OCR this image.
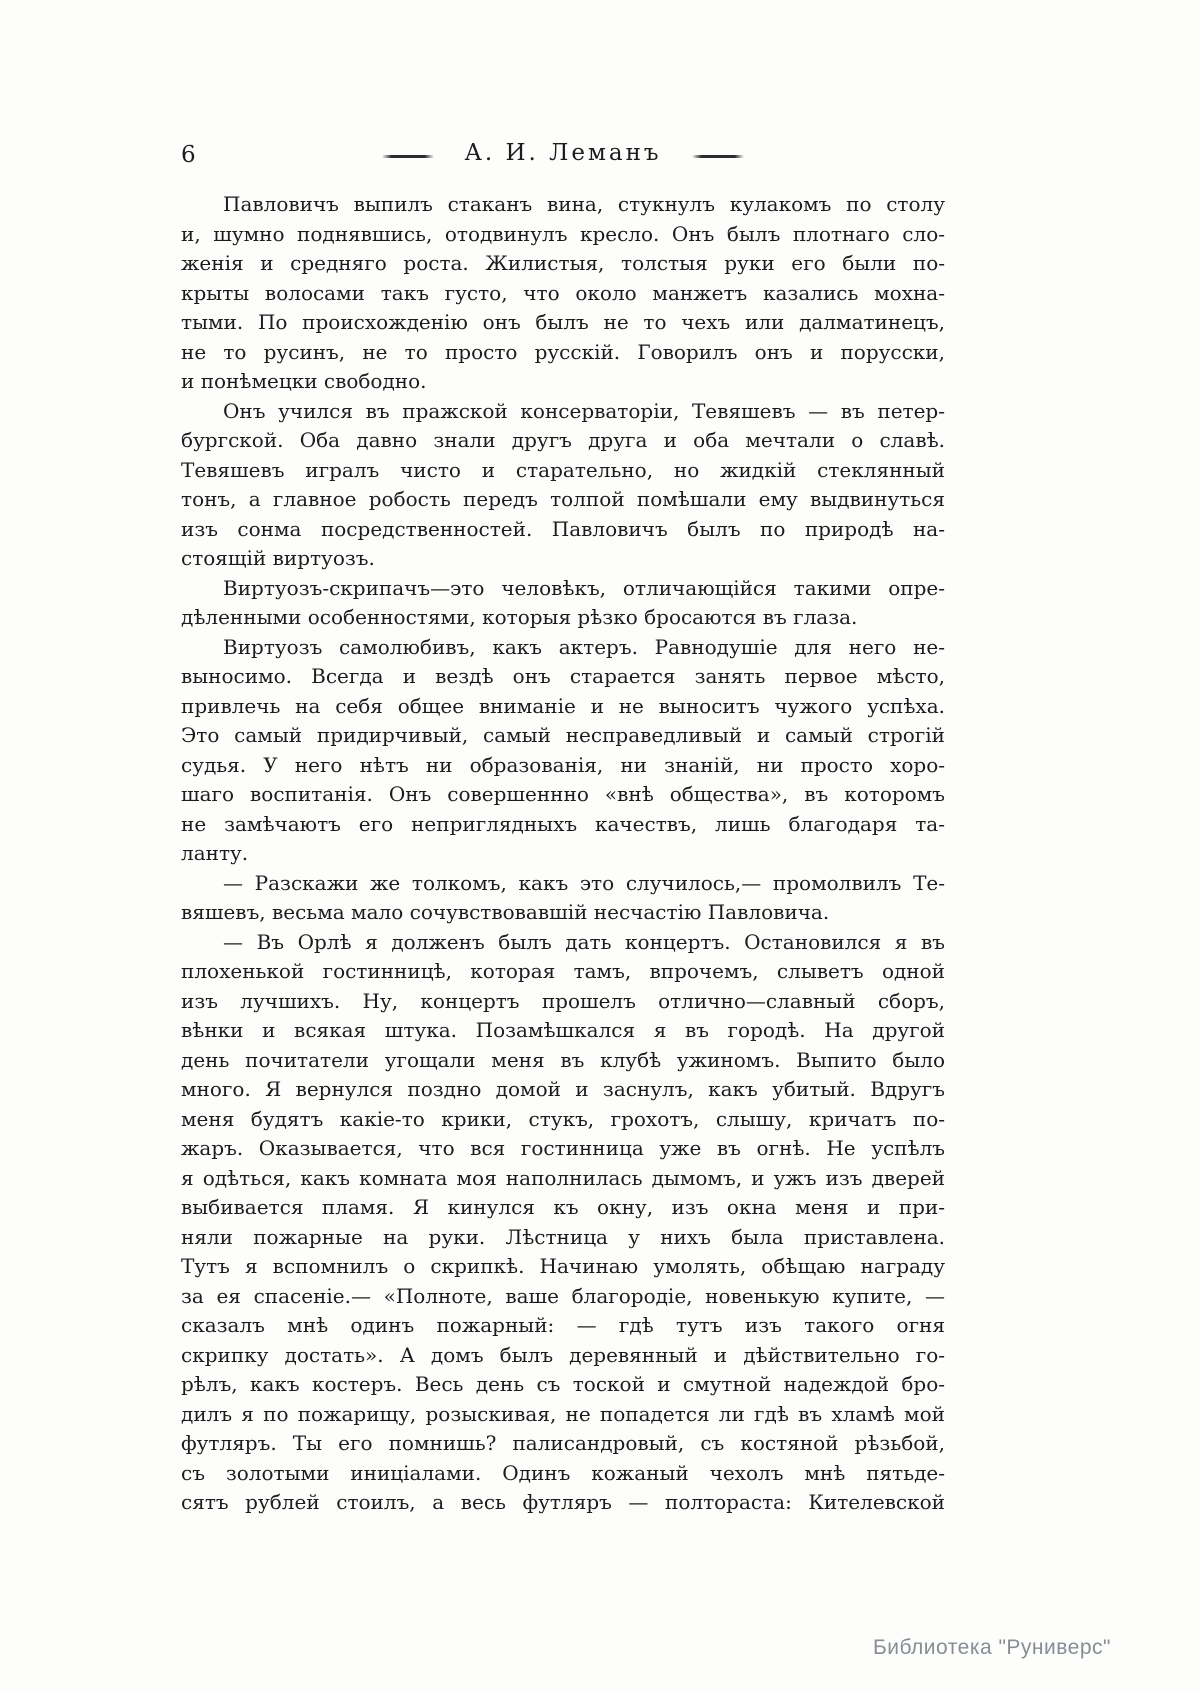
6	А. И. Леманъ
Павловичъ выпилъ стаканъ вина, стукнулъ кулакомъ по столу
и, шумно поднявшись, отодвинулъ кресло. Онъ былъ плотнаго сло-
женія и средняго роста. Жилистыя, толстыя руки его были по-
крыты волосами такъ густо, что около манжетъ казались мохна-
тыми. По происхожденію онъ былъ не то чехъ или далматинецъ,
не то русинъ, не то просто русскій. Говорилъ онъ и порусски,
и понѣмецки свободно.
Онъ учился въ пражской консерваторіи, Тевяшевъ — въ петер-
бургской. Оба давно знали другъ друга и оба мечтали о славѣ.
Тевяшевъ игралъ чисто и старательно, но жидкій стеклянный
тонъ, а главное робость передъ толпой помѣшали ему выдвинуться
изъ сонма посредственностей. Павловичъ былъ по природѣ на-
стоящій виртуозъ.
Виртуозъ-скрипачъ—это человѣкъ, отличающійся такими опре-
дѣленными особенностями, которыя рѣзко бросаются въ глаза.
Виртуозъ самолюбивъ, какъ актеръ. Равнодушіе для него не-
выносимо. Всегда и вездѣ онъ старается занять первое мѣсто,
привлечь на себя общее вниманіе и не выноситъ чужого успѣха.
Это самый придирчивый, самый несправедливый и самый строгій
судья. У него нѣтъ ни образованія, ни знаній, ни просто хоро-
шаго воспитанія. Онъ совершеннно «внѣ общества», въ которомъ
не замѣчаютъ его неприглядныхъ качествъ, лишь благодаря та-
ланту.
— Разскажи же толкомъ, какъ это случилось,— промолвилъ Те-
вяшевъ, весьма мало сочувствовавшій несчастію Павловича.
— Въ Орлѣ я долженъ былъ дать концертъ. Остановился я въ
плохенькой гостинницѣ, которая тамъ, впрочемъ, слыветъ одной
изъ лучшихъ. Ну, концертъ прошелъ отлично—славный сборъ,
вѣнки и всякая штука. Позамѣшкался я въ городѣ. На другой
день почитатели угощали меня въ клубѣ ужиномъ. Выпито было
много. Я вернулся поздно домой и заснулъ, какъ убитый. Вдругъ
меня будятъ какіе-то крики, стукъ, грохотъ, слышу, кричатъ по-
жаръ. Оказывается, что вся гостинница уже въ огнѣ. Не успѣлъ
я одѣться, какъ комната моя наполнилась дымомъ, и ужъ изъ дверей
выбивается пламя. Я кинулся къ окну, изъ окна меня и при-
няли пожарные на руки. Лѣстница у нихъ была приставлена.
Тутъ я вспомнилъ о скрипкѣ. Начинаю умолять, обѣщаю награду
за ея спасеніе.— «Полноте, ваше благородіе, новенькую купите, —
сказалъ мнѣ одинъ пожарный: — гдѣ тутъ изъ такого огня
скрипку достать». А домъ былъ деревянный и дѣйствительно го-
рѣлъ, какъ костеръ. Весь день съ тоской и смутной надеждой бро-
дилъ я по пожарищу, розыскивая, не попадется ли гдѣ въ хламѣ мой
футляръ. Ты его помнишь? палисандровый, съ костяной рѣзьбой,
съ золотыми иниціалами. Одинъ кожаный чехолъ мнѣ пятьде-
сятъ рублей стоилъ, а весь футляръ — полтораста: Кителевской
Библиотека "Руниверс"
